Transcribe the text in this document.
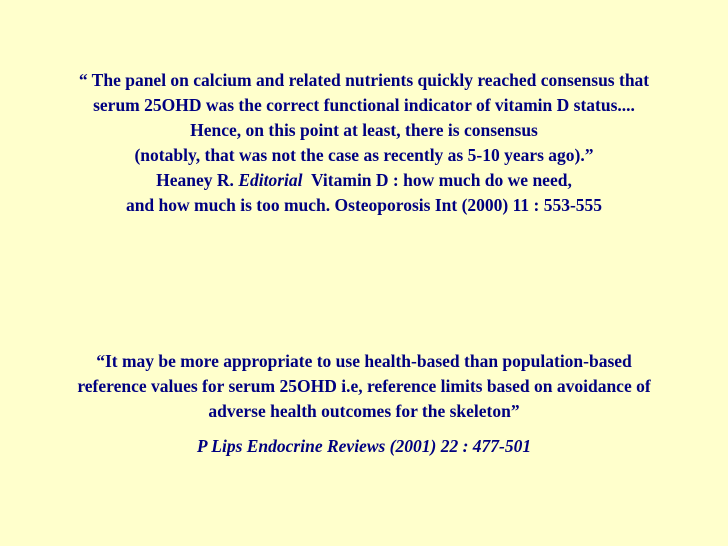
“ The panel on calcium and related nutrients quickly reached consensus that
serum 25OHD was the correct functional indicator of vitamin D status....
Hence, on this point at least, there is consensus
(notably, that was not the case as recently as 5-10 years ago).”
Heaney R. Editorial Vitamin D : how much do we need,
and how much is too much. Osteoporosis Int (2000) 11 : 553-555
“It may be more appropriate to use health-based than population-based
reference values for serum 25OHD i.e, reference limits based on avoidance of
adverse health outcomes for the skeleton”
P Lips Endocrine Reviews (2001) 22 : 477-501
